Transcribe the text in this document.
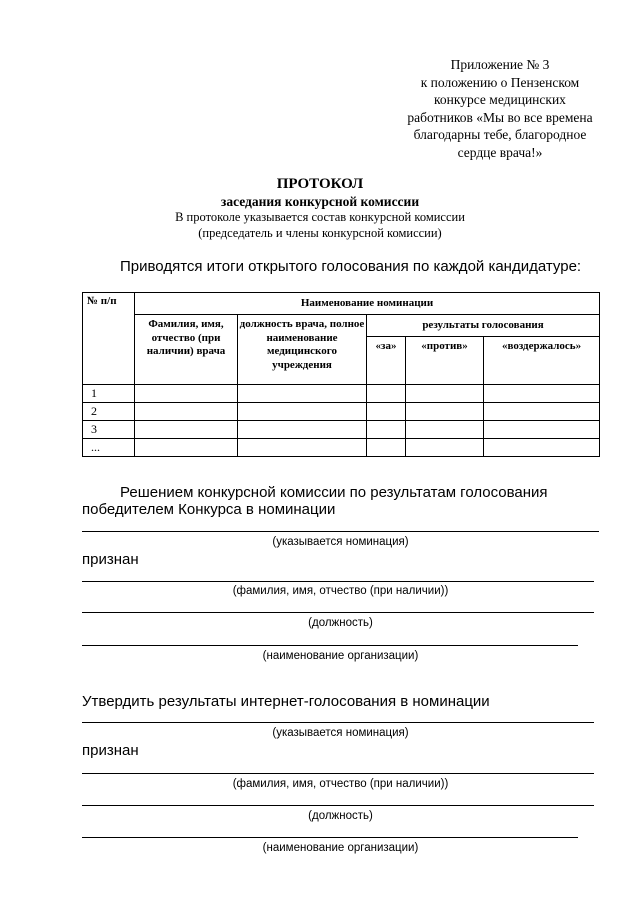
Приложение № 3
к положению о Пензенском
конкурсе медицинских
работников «Мы во все времена
благодарны тебе, благородное
сердце врача!»
ПРОТОКОЛ
заседания конкурсной комиссии
В протоколе указывается состав конкурсной комиссии
(председатель и члены конкурсной комиссии)
Приводятся итоги открытого голосования по каждой кандидатуре:
№ п/п	Наименование номинации				
	Фамилия, имя, отчество (при наличии) врача	должность врача, полное наименование медицинского учреждения	результаты голосования		
			«за»	«против»	«воздержалось»
1					
2					
3					
...					
Решением конкурсной комиссии по результатам голосования
победителем Конкурса в номинации
(указывается номинация)
признан
(фамилия, имя, отчество (при наличии))
(должность)
(наименование организации)
Утвердить результаты интернет-голосования в номинации
(указывается номинация)
признан
(фамилия, имя, отчество (при наличии))
(должность)
(наименование организации)
